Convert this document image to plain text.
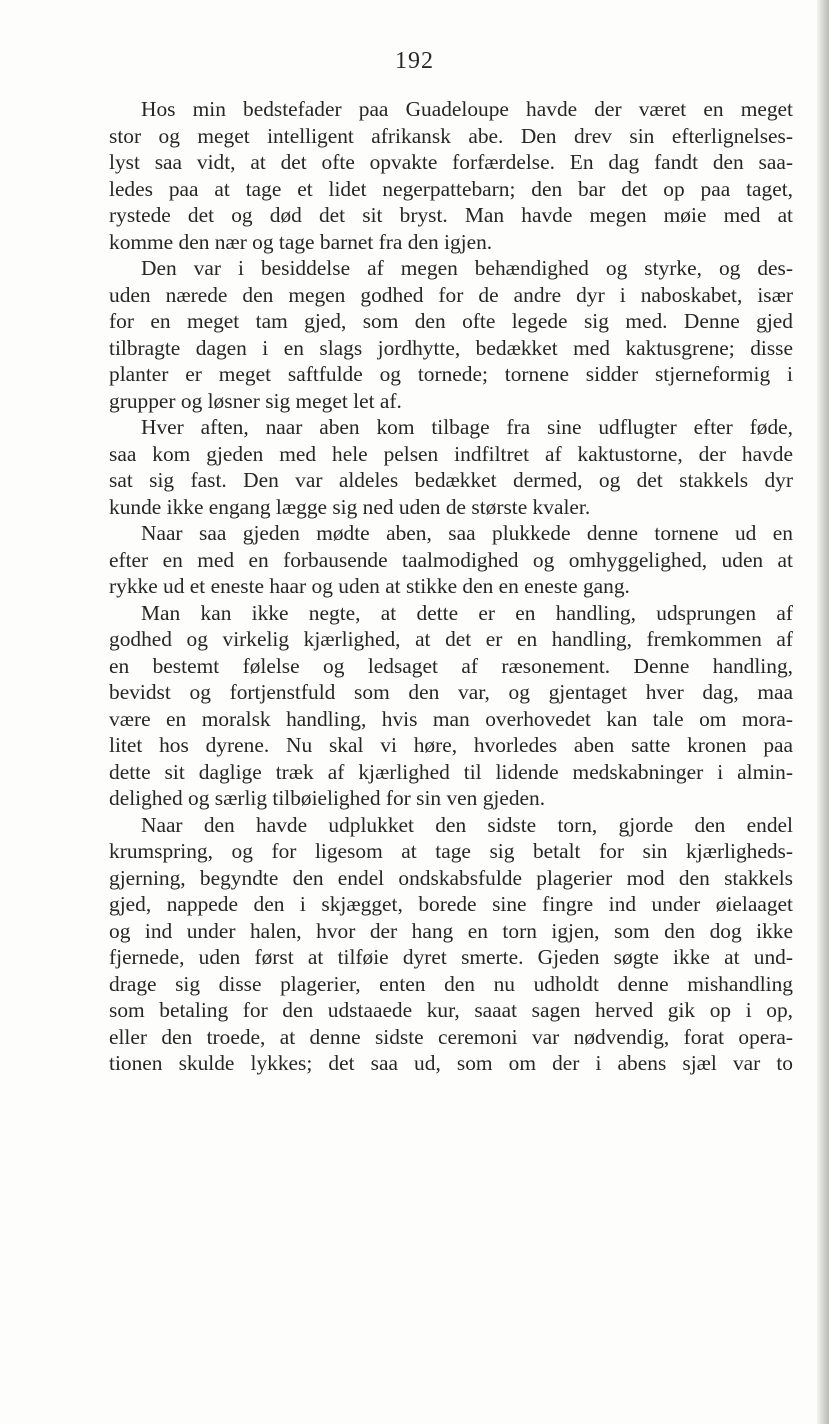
192
Hos min bedstefader paa Guadeloupe havde der været en meget
stor og meget intelligent afrikansk abe. Den drev sin efterlignelses-
lyst saa vidt, at det ofte opvakte forfærdelse. En dag fandt den saa-
ledes paa at tage et lidet negerpattebarn; den bar det op paa taget,
rystede det og død det sit bryst. Man havde megen møie med at
komme den nær og tage barnet fra den igjen.
Den var i besiddelse af megen behændighed og styrke, og des-
uden nærede den megen godhed for de andre dyr i naboskabet, især
for en meget tam gjed, som den ofte legede sig med. Denne gjed
tilbragte dagen i en slags jordhytte, bedækket med kaktusgrene; disse
planter er meget saftfulde og tornede; tornene sidder stjerneformig i
grupper og løsner sig meget let af.
Hver aften, naar aben kom tilbage fra sine udflugter efter føde,
saa kom gjeden med hele pelsen indfiltret af kaktustorne, der havde
sat sig fast. Den var aldeles bedækket dermed, og det stakkels dyr
kunde ikke engang lægge sig ned uden de største kvaler.
Naar saa gjeden mødte aben, saa plukkede denne tornene ud en
efter en med en forbausende taalmodighed og omhyggelighed, uden at
rykke ud et eneste haar og uden at stikke den en eneste gang.
Man kan ikke negte, at dette er en handling, udsprungen af
godhed og virkelig kjærlighed, at det er en handling, fremkommen af
en bestemt følelse og ledsaget af ræsonement. Denne handling,
bevidst og fortjenstfuld som den var, og gjentaget hver dag, maa
være en moralsk handling, hvis man overhovedet kan tale om mora-
litet hos dyrene. Nu skal vi høre, hvorledes aben satte kronen paa
dette sit daglige træk af kjærlighed til lidende medskabninger i almin-
delighed og særlig tilbøielighed for sin ven gjeden.
Naar den havde udplukket den sidste torn, gjorde den endel
krumspring, og for ligesom at tage sig betalt for sin kjærligheds-
gjerning, begyndte den endel ondskabsfulde plagerier mod den stakkels
gjed, nappede den i skjægget, borede sine fingre ind under øielaaget
og ind under halen, hvor der hang en torn igjen, som den dog ikke
fjernede, uden først at tilføie dyret smerte. Gjeden søgte ikke at und-
drage sig disse plagerier, enten den nu udholdt denne mishandling
som betaling for den udstaaede kur, saaat sagen herved gik op i op,
eller den troede, at denne sidste ceremoni var nødvendig, forat opera-
tionen skulde lykkes; det saa ud, som om der i abens sjæl var to
